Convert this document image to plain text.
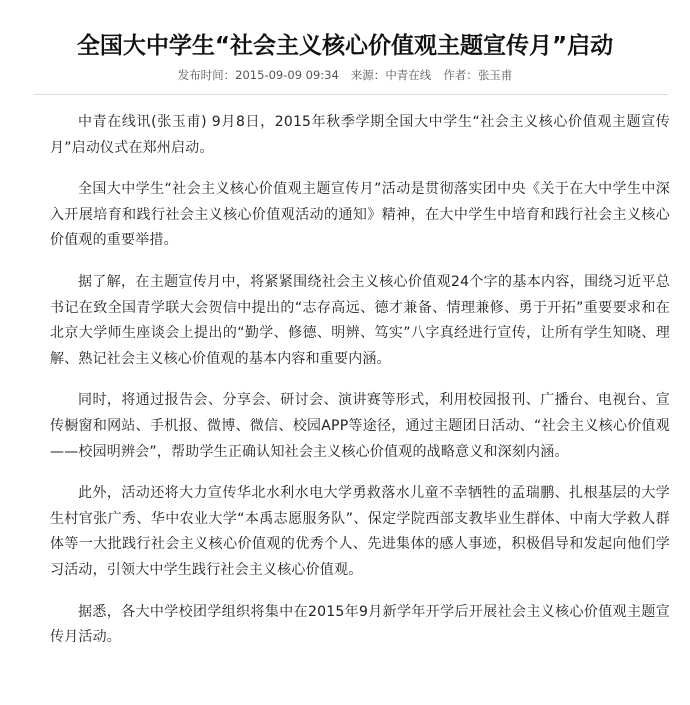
全国大中学生“社会主义核心价值观主题宣传月”启动
发布时间：2015-09-09 09:34 来源：中青在线 作者：张玉甫

中青在线讯(张玉甫) 9月8日，2015年秋季学期全国大中学生“社会主义核心价值观主题宣传月”启动仪式在郑州启动。

全国大中学生“社会主义核心价值观主题宣传月”活动是贯彻落实团中央《关于在大中学生中深入开展培育和践行社会主义核心价值观活动的通知》精神，在大中学生中培育和践行社会主义核心价值观的重要举措。

据了解，在主题宣传月中，将紧紧围绕社会主义核心价值观24个字的基本内容，围绕习近平总书记在致全国青学联大会贺信中提出的“志存高远、德才兼备、情理兼修、勇于开拓”重要要求和在北京大学师生座谈会上提出的“勤学、修德、明辨、笃实”八字真经进行宣传，让所有学生知晓、理解、熟记社会主义核心价值观的基本内容和重要内涵。

同时，将通过报告会、分享会、研讨会、演讲赛等形式，利用校园报刊、广播台、电视台、宣传橱窗和网站、手机报、微博、微信、校园APP等途径，通过主题团日活动、“社会主义核心价值观——校园明辨会”，帮助学生正确认知社会主义核心价值观的战略意义和深刻内涵。

此外，活动还将大力宣传华北水利水电大学勇救落水儿童不幸牺牲的孟瑞鹏、扎根基层的大学生村官张广秀、华中农业大学“本禹志愿服务队”、保定学院西部支教毕业生群体、中南大学救人群体等一大批践行社会主义核心价值观的优秀个人、先进集体的感人事迹，积极倡导和发起向他们学习活动，引领大中学生践行社会主义核心价值观。

据悉，各大中学校团学组织将集中在2015年9月新学年开学后开展社会主义核心价值观主题宣传月活动。
